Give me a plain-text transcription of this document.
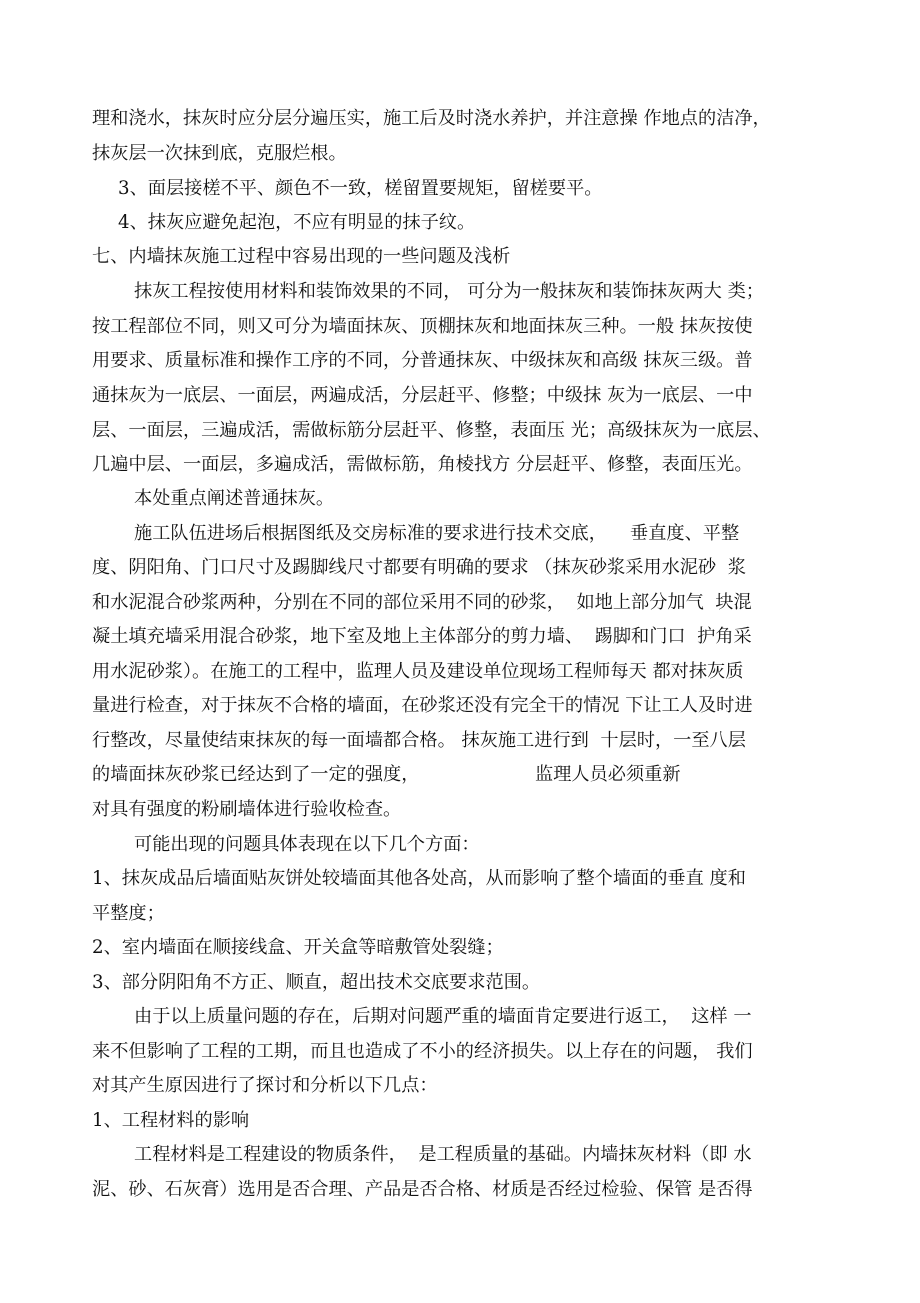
理和浇水，抹灰时应分层分遍压实，施工后及时浇水养护，并注意操 作地点的洁净，
抹灰层一次抹到底，克服烂根。
3、面层接槎不平、颜色不一致，槎留置要规矩，留槎要平。
4、抹灰应避免起泡，不应有明显的抹子纹。
七、内墙抹灰施工过程中容易出现的一些问题及浅析
抹灰工程按使用材料和装饰效果的不同， 可分为一般抹灰和装饰抹灰两大 类；
按工程部位不同，则又可分为墙面抹灰、顶棚抹灰和地面抹灰三种。一般 抹灰按使
用要求、质量标准和操作工序的不同，分普通抹灰、中级抹灰和高级 抹灰三级。普
通抹灰为一底层、一面层，两遍成活，分层赶平、修整；中级抹 灰为一底层、一中
层、一面层，三遍成活，需做标筋分层赶平、修整，表面压 光；高级抹灰为一底层、
几遍中层、一面层，多遍成活，需做标筋，角棱找方 分层赶平、修整，表面压光。
本处重点阐述普通抹灰。
施工队伍进场后根据图纸及交房标准的要求进行技术交底，    垂直度、平整
度、阴阳角、门口尺寸及踢脚线尺寸都要有明确的要求 （抹灰砂浆采用水泥砂  浆
和水泥混合砂浆两种，分别在不同的部位采用不同的砂浆，  如地上部分加气  块混
凝土填充墙采用混合砂浆，地下室及地上主体部分的剪力墙、  踢脚和门口  护角采
用水泥砂浆）。在施工的工程中，监理人员及建设单位现场工程师每天 都对抹灰质
量进行检查，对于抹灰不合格的墙面，在砂浆还没有完全干的情况 下让工人及时进
行整改，尽量使结束抹灰的每一面墙都合格。 抹灰施工进行到  十层时，一至八层
的墙面抹灰砂浆已经达到了一定的强度，                    监理人员必须重新
对具有强度的粉刷墙体进行验收检查。
可能出现的问题具体表现在以下几个方面：
1、抹灰成品后墙面贴灰饼处较墙面其他各处高，从而影响了整个墙面的垂直 度和
平整度；
2、室内墙面在顺接线盒、开关盒等暗敷管处裂缝；
3、部分阴阳角不方正、顺直，超出技术交底要求范围。
由于以上质量问题的存在，后期对问题严重的墙面肯定要进行返工，  这样 一
来不但影响了工程的工期，而且也造成了不小的经济损失。以上存在的问题， 我们
对其产生原因进行了探讨和分析以下几点：
1、工程材料的影响
工程材料是工程建设的物质条件，  是工程质量的基础。内墙抹灰材料（即 水
泥、砂、石灰膏）选用是否合理、产品是否合格、材质是否经过检验、保管 是否得
